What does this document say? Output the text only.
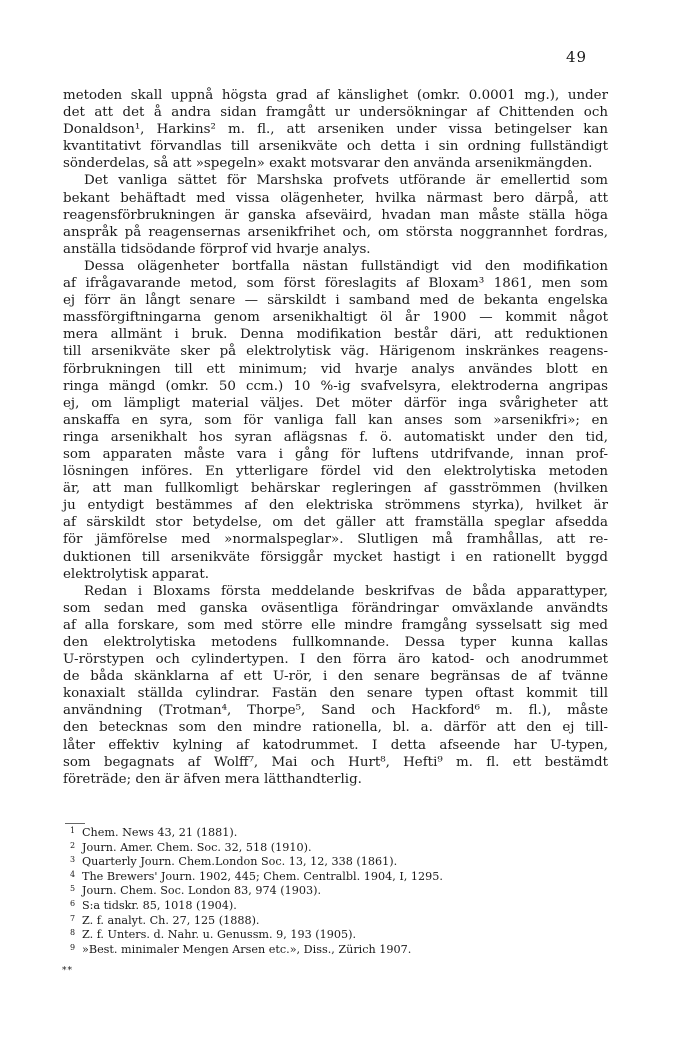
49
metoden skall uppnå högsta grad af känslighet (omkr. 0.0001 mg.), under
det att det å andra sidan framgått ur undersökningar af Chittenden och
Donaldson¹, Harkins² m. fl., att arseniken under vissa betingelser kan
kvantitativt förvandlas till arsenikväte och detta i sin ordning fullständigt
sönderdelas, så att »spegeln» exakt motsvarar den använda arsenikmängden.
Det vanliga sättet för Marshska profvets utförande är emellertid som
bekant behäftadt med vissa olägenheter, hvilka närmast bero därpå, att
reagensförbrukningen är ganska afseväird, hvadan man måste ställa höga
anspråk på reagensernas arsenikfrihet och, om största noggrannhet fordras,
anställa tidsödande förprof vid hvarje analys.
Dessa olägenheter bortfalla nästan fullständigt vid den modifikation
af ifrågavarande metod, som först föreslagits af Bloxam³ 1861, men som
ej förr än långt senare — särskildt i samband med de bekanta engelska
massförgiftningarna genom arsenikhaltigt öl år 1900 — kommit något
mera allmänt i bruk. Denna modifikation består däri, att reduktionen
till arsenikväte sker på elektrolytisk väg. Härigenom inskränkes reagens-
förbrukningen till ett minimum; vid hvarje analys användes blott en
ringa mängd (omkr. 50 ccm.) 10 %-ig svafvelsyra, elektroderna angripas
ej, om lämpligt material väljes. Det möter därför inga svårigheter att
anskaffa en syra, som för vanliga fall kan anses som »arsenikfri»; en
ringa arsenikhalt hos syran aflägsnas f. ö. automatiskt under den tid,
som apparaten måste vara i gång för luftens utdrifvande, innan prof-
lösningen införes. En ytterligare fördel vid den elektrolytiska metoden
är, att man fullkomligt behärskar regleringen af gasströmmen (hvilken
ju entydigt bestämmes af den elektriska strömmens styrka), hvilket är
af särskildt stor betydelse, om det gäller att framställa speglar afsedda
för jämförelse med »normalspeglar». Slutligen må framhållas, att re-
duktionen till arsenikväte försiggår mycket hastigt i en rationellt byggd
elektrolytisk apparat.
Redan i Bloxams första meddelande beskrifvas de båda apparattyper,
som sedan med ganska oväsentliga förändringar omväxlande användts
af alla forskare, som med större elle mindre framgång sysselsatt sig med
den elektrolytiska metodens fullkomnande. Dessa typer kunna kallas
U-rörstypen och cylindertypen. I den förra äro katod- och anodrummet
de båda skänklarna af ett U-rör, i den senare begränsas de af tvänne
konaxialt ställda cylindrar. Fastän den senare typen oftast kommit till
användning (Trotman⁴, Thorpe⁵, Sand och Hackford⁶ m. fl.), måste
den betecknas som den mindre rationella, bl. a. därför att den ej till-
låter effektiv kylning af katodrummet. I detta afseende har U-typen,
som begagnats af Wolff⁷, Mai och Hurt⁸, Hefti⁹ m. fl. ett bestämdt
företräde; den är äfven mera lätthandterlig.
1 Chem. News 43, 21 (1881).
2 Journ. Amer. Chem. Soc. 32, 518 (1910).
3 Quarterly Journ. Chem.London Soc. 13, 12, 338 (1861).
4 The Brewers' Journ. 1902, 445; Chem. Centralbl. 1904, I, 1295.
5 Journ. Chem. Soc. London 83, 974 (1903).
6 S:a tidskr. 85, 1018 (1904).
7 Z. f. analyt. Ch. 27, 125 (1888).
8 Z. f. Unters. d. Nahr. u. Genussm. 9, 193 (1905).
9 »Best. minimaler Mengen Arsen etc.», Diss., Zürich 1907.
**
